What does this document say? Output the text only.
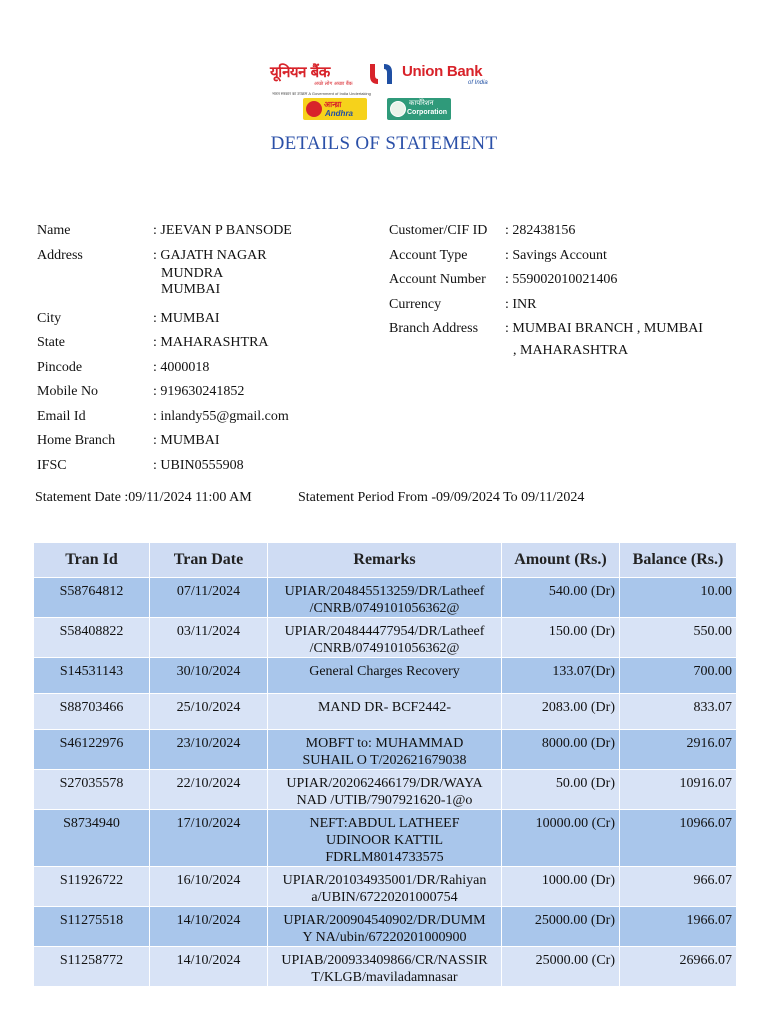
यूनियन बैंक
अच्छे लोग अच्छा बैंक
Union Bank
of India
भारत सरकार का उपक्रम A Government of India Undertaking
आन्ध्रा
Andhra
कार्पोरेशन
Corporation
DETAILS OF STATEMENT
Name	: JEEVAN P BANSODE
Address	: GAJATH NAGAR
MUNDRA
MUMBAI
City	: MUMBAI
State	: MAHARASHTRA
Pincode	: 4000018
Mobile No	: 919630241852
Email Id	: inlandy55@gmail.com
Home Branch	: MUMBAI
IFSC	: UBIN0555908
Customer/CIF ID : 282438156
Account Type	: Savings Account
Account Number : 559002010021406
Currency	: INR
Branch Address : MUMBAI BRANCH , MUMBAI
, MAHARASHTRA
Statement Date :09/11/2024 11:00 AM	Statement Period From -09/09/2024 To 09/11/2024
Tran Id	Tran Date	Remarks	Amount (Rs.)	Balance (Rs.)
S58764812	07/11/2024	UPIAR/204845513259/DR/Latheef
/CNRB/0749101056362@	540.00 (Dr)	10.00
S58408822	03/11/2024	UPIAR/204844477954/DR/Latheef
/CNRB/0749101056362@	150.00 (Dr)	550.00
S14531143	30/10/2024	General Charges Recovery	133.07(Dr)	700.00
S88703466	25/10/2024	MAND DR- BCF2442-	2083.00 (Dr)	833.07
S46122976	23/10/2024	MOBFT to: MUHAMMAD
SUHAIL O T/202621679038	8000.00 (Dr)	2916.07
S27035578	22/10/2024	UPIAR/202062466179/DR/WAYA
NAD /UTIB/7907921620-1@o	50.00 (Dr)	10916.07
S8734940	17/10/2024	NEFT:ABDUL LATHEEF
UDINOOR KATTIL
FDRLM8014733575	10000.00 (Cr)	10966.07
S11926722	16/10/2024	UPIAR/201034935001/DR/Rahiyan
a/UBIN/67220201000754	1000.00 (Dr)	966.07
S11275518	14/10/2024	UPIAR/200904540902/DR/DUMM
Y NA/ubin/67220201000900	25000.00 (Dr)	1966.07
S11258772	14/10/2024	UPIAB/200933409866/CR/NASSIR
T/KLGB/maviladamnasar	25000.00 (Cr)	26966.07
